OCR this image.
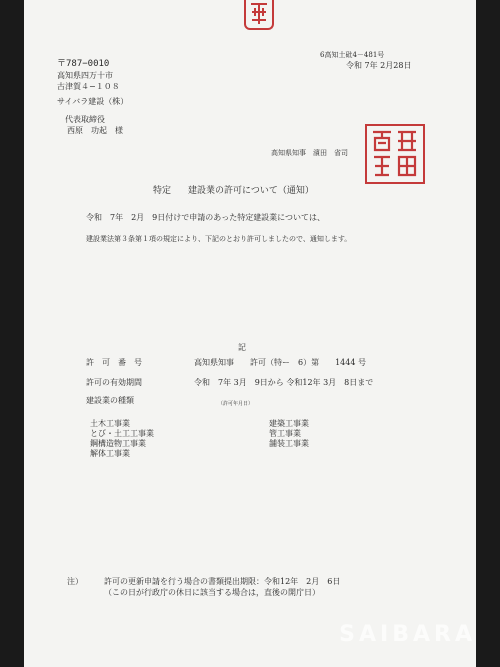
6高知土砒4－481号
令和 7年 2月28日
〒787−0010
高知県四万十市
古津賀４−１０８
サイバラ建設（株）
代表取締役
西原　功起　様
高知県知事　濱田　省司
特定 建設業の許可について（通知）
令和　7年　2月　9日付けで申請のあった特定建設業については、
建設業法第３条第１項の規定により、下記のとおり許可しましたので、通知します。
記
許　可　番　号	高知県知事　　許可（特ー　6）第　　1444 号
許可の有効期間	令和　7年 3月　9日から 令和12年 3月　8日まで
建設業の種類	（許可年月日）
土木工事業
とび・土工工事業
鋼構造物工事業
解体工事業
建築工事業
管工事業
舗装工事業
注）	許可の更新申請を行う場合の書類提出期限：令和12年　2月　6日
（この日が行政庁の休日に該当する場合は，直後の開庁日）
SAIBARA
